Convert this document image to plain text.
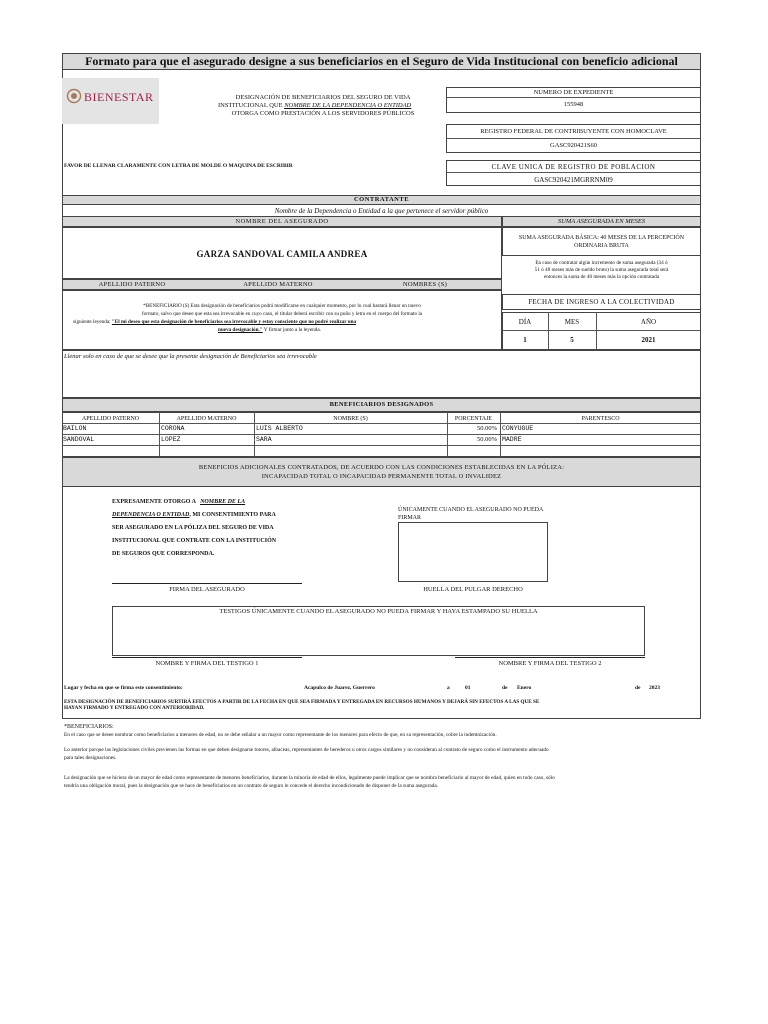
Formato para que el asegurado designe a sus beneficiarios en el Seguro de Vida Institucional con beneficio adicional
BIENESTAR	DESIGNACIÓN DE BENEFICIARIOS DEL SEGURO DE VIDA
INSTITUCIONAL QUE NOMBRE DE LA DEPENDENCIA O ENTIDAD
OTORGA COMO PRESTACIÓN A LOS SERVIDORES PÚBLICOS
NUMERO DE EXPEDIENTE
155948
REGISTRO FEDERAL DE CONTRIBUYENTE CON HOMOCLAVE
GASC920421S60
FAVOR DE LLENAR CLARAMENTE CON LETRA DE MOLDE O MAQUINA DE ESCRIBIR	CLAVE UNICA DE REGISTRO DE POBLACION
GASC920421MGRRNM09
CONTRATANTE
Nombre de la Dependencia o Entidad a la que pertenece el servidor público
NOMBRE DEL ASEGURADO	SUMA ASEGURADA EN MESES
GARZA SANDOVAL CAMILA ANDREA
SUMA ASEGURADA BÁSICA: 40 MESES DE LA PERCEPCIÓN ORDINARIA BRUTA
En caso de contratar algún incremento de suma asegurada (34 ó
51 ó 48 meses más de sueldo bruto) la suma asegurada total será
entonces la suma de 40 meses más la opción contratada
APELLIDO PATERNO	APELLIDO MATERNO	NOMBRES (S)
*BENEFICIARIO (S) Esta designación de beneficiarios podrá modificarse en cualquier momento, por lo cual bastará llenar un nuevo
formato, salvo que desee que esta sea irrevocable en cuyo caso, el titular deberá escribir con su puño y letra en el cuerpo del formato la
siguiente leyenda: "El mi deseo que esta designación de beneficiarios sea irrevocable y estoy consciente que no podré realizar una
nueva designación." Y firmar junto a la leyenda.
FECHA DE INGRESO A LA COLECTIVIDAD
DÍA	MES	AÑO
1	5	2021
Llenar solo en caso de que se desee que la presente designación de Beneficiarios sea irrevocable
BENEFICIARIOS DESIGNADOS
APELLIDO PATERNO	APELLIDO MATERNO	NOMBRE (S)	PORCENTAJE	PARENTESCO
BAILON	CORONA	LUIS ALBERTO	50.00% CONYUGUE
SANDOVAL	LOPEZ	SARA	50.00% MADRE
BENEFICIOS ADICIONALES CONTRATADOS, DE ACUERDO CON LAS CONDICIONES ESTABLECIDAS EN LA PÓLIZA:
INCAPACIDAD TOTAL O INCAPACIDAD PERMANENTE TOTAL O INVALIDEZ
EXPRESAMENTE OTORGO A NOMBRE DE LA
DEPENDENCIA O ENTIDAD, MI CONSENTIMIENTO PARA
SER ASEGURADO EN LA PÓLIZA DEL SEGURO DE VIDA
INSTITUCIONAL QUE CONTRATE CON LA INSTITUCIÓN
DE SEGUROS QUE CORRESPONDA.
ÚNICAMENTE CUANDO EL ASEGURADO NO PUEDA
FIRMAR
FIRMA DEL ASEGURADO	HUELLA DEL PULGAR DERECHO
TESTIGOS ÚNICAMENTE CUANDO EL ASEGURADO NO PUEDA FIRMAR Y HAYA ESTAMPADO SU HUELLA
NOMBRE Y FIRMA DEL TESTIGO 1	NOMBRE Y FIRMA DEL TESTIGO 2
Lugar y fecha en que se firma este consentimiento:	Acapulco de Juarez, Guerrero	a	01	de Enero	de 2023
ESTA DESIGNACIÓN DE BENEFICIARIOS SURTIRÁ EFECTOS A PARTIR DE LA FECHA EN QUE SEA FIRMADA Y ENTREGADA EN RECURSOS HUMANOS Y DEJARÁ SIN EFECTOS A LAS QUE SE
HAYAN FIRMADO Y ENTREGADO CON ANTERIORIDAD.
*BENEFICIARIOS:
En el caso que se desee nombrar como beneficiarios a menores de edad, no se debe señalar a un mayor como representante de los menores para efecto de que, en su representación, cobre la indemnización.
Lo anterior porque las legislaciones civiles previenen las formas en que deben designarse tutores, albaceas, representantes de herederos u otros cargos similares y no consideran al contrato de seguro como el instrumento adecuado
para tales designaciones.
La designación que se hiciera de un mayor de edad como representante de menores beneficiarios, durante la minoría de edad de ellos, legalmente puede implicar que se nombra beneficiario al mayor de edad, quien en todo caso, sólo
tendría una obligación moral, pues la designación que se hace de beneficiarios en un contrato de seguro le concede el derecho incondicionado de disponer de la suma asegurada.
